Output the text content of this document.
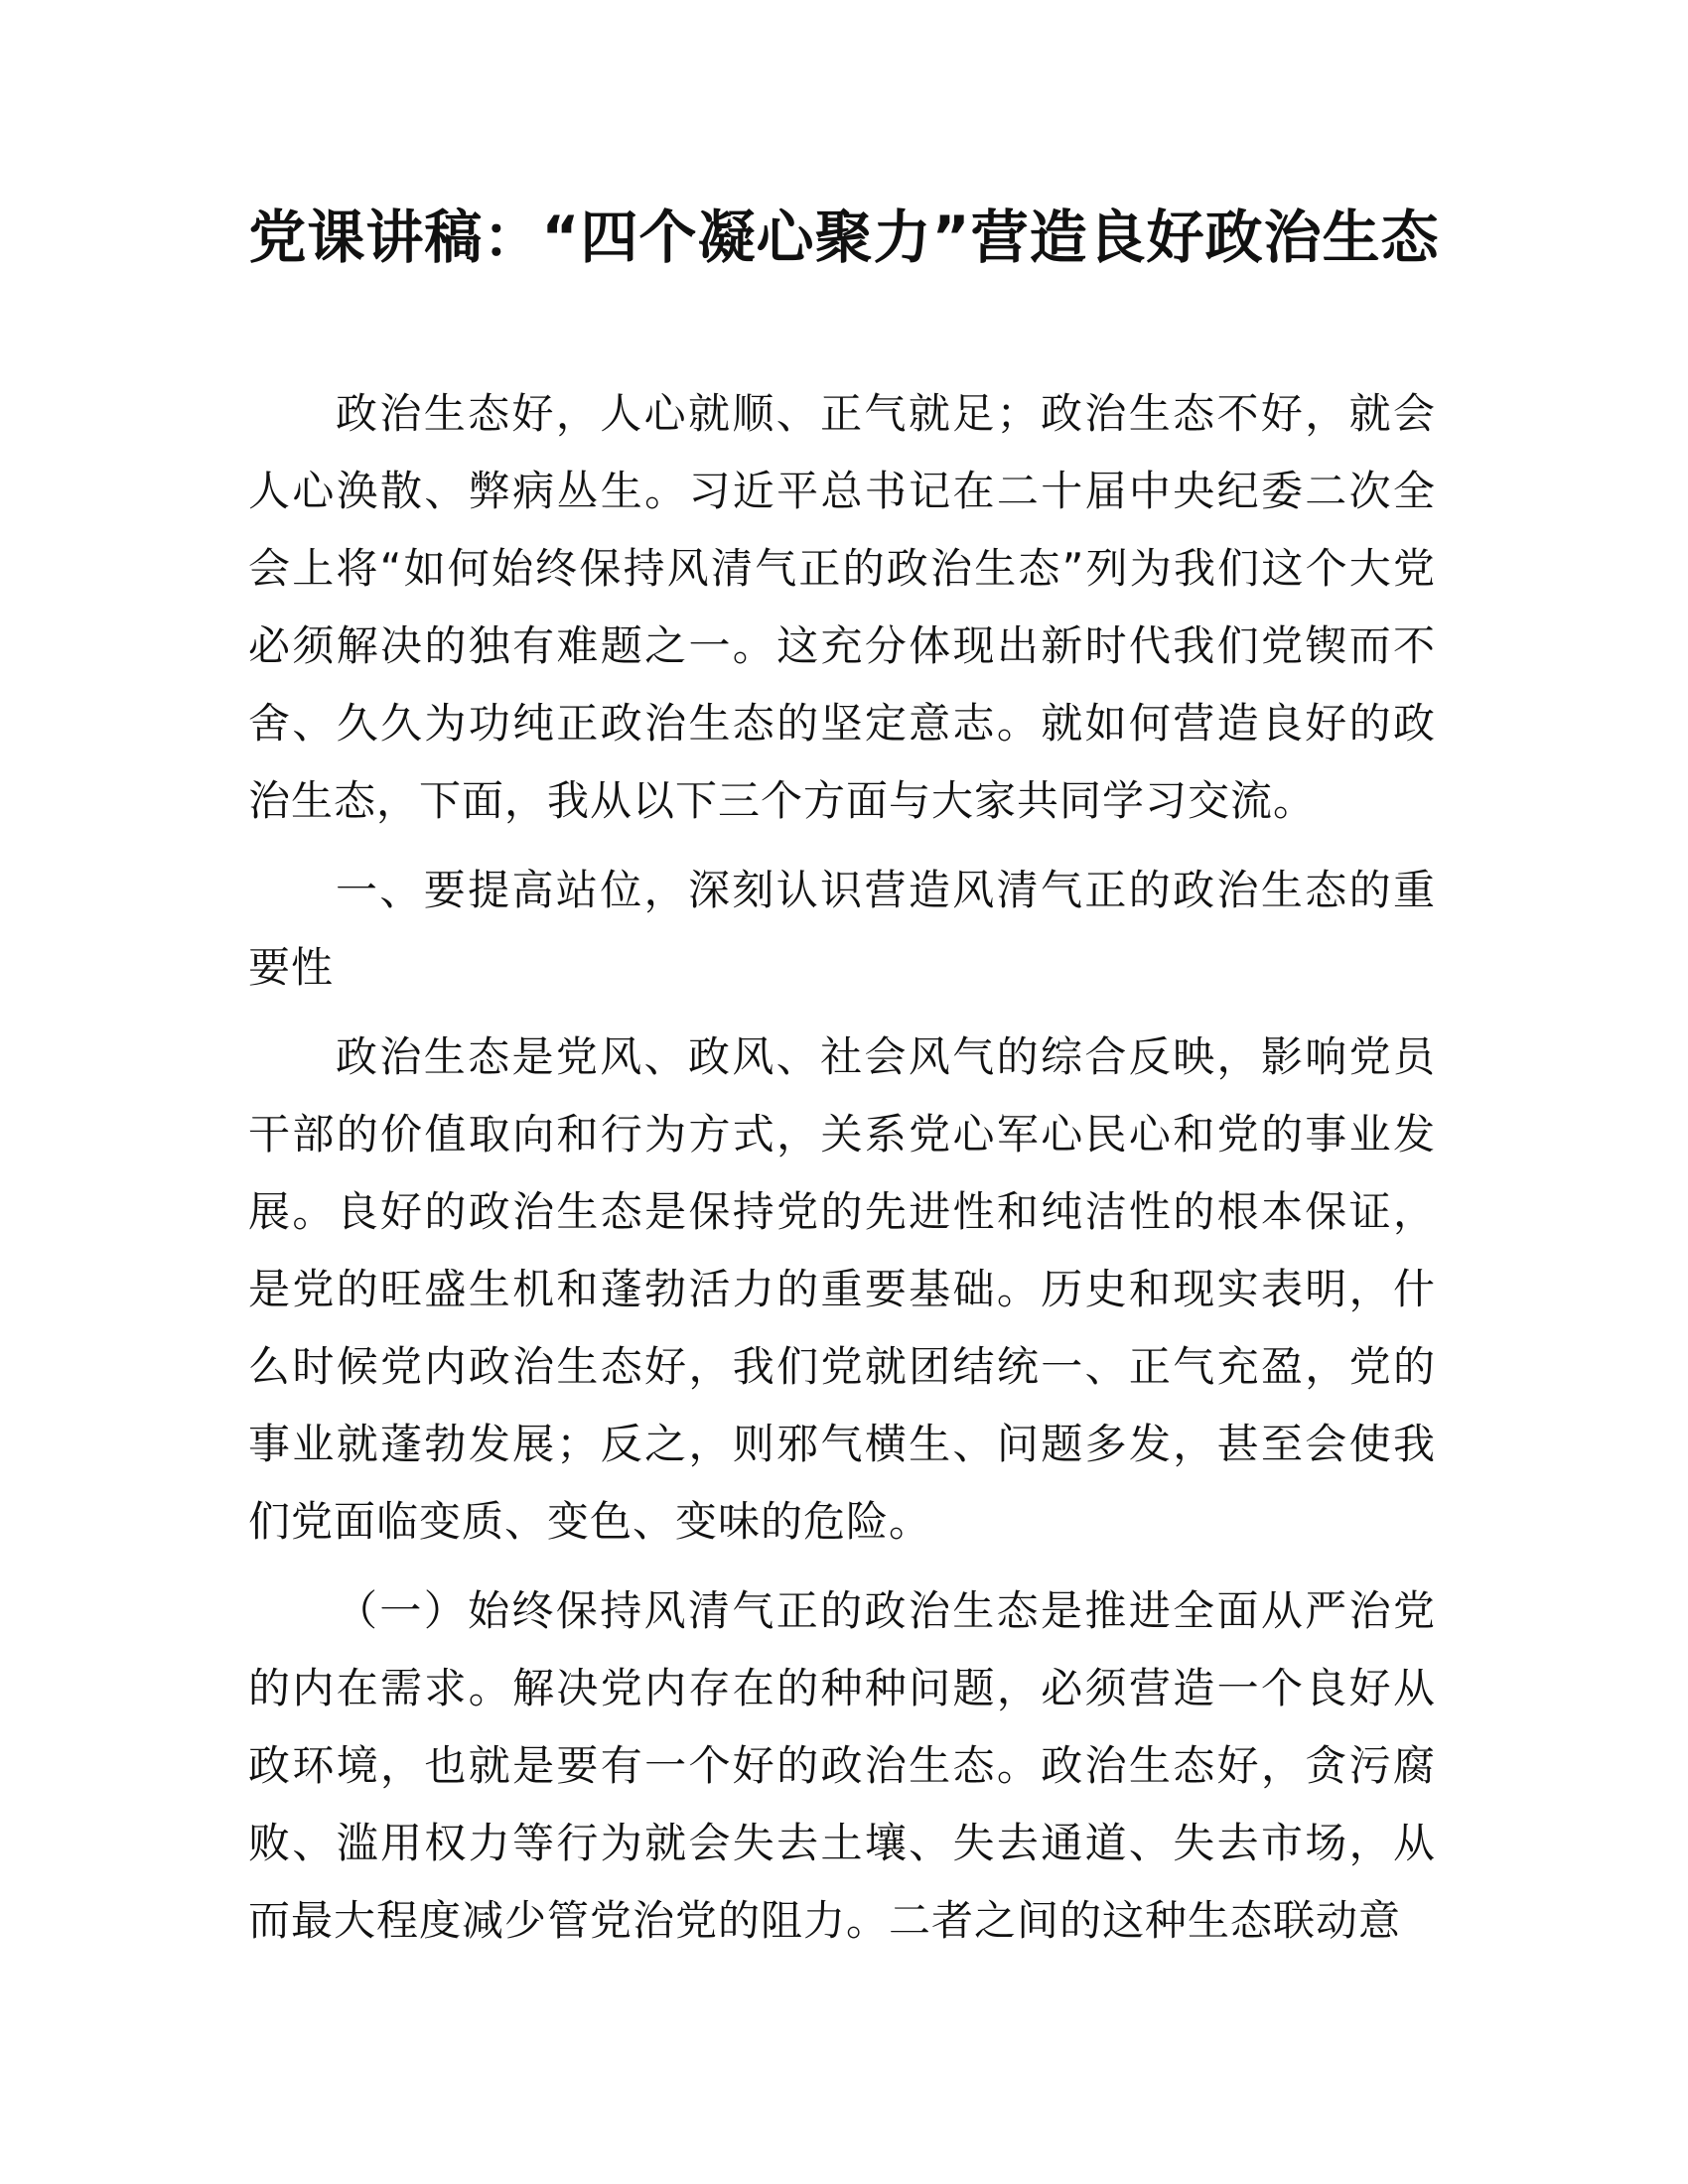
党课讲稿：“四个凝心聚力”营造良好政治生态

政治生态好，人心就顺、正气就足；政治生态不好，就会人心涣散、弊病丛生。习近平总书记在二十届中央纪委二次全会上将“如何始终保持风清气正的政治生态”列为我们这个大党必须解决的独有难题之一。这充分体现出新时代我们党锲而不舍、久久为功纯正政治生态的坚定意志。就如何营造良好的政治生态，下面，我从以下三个方面与大家共同学习交流。

一、要提高站位，深刻认识营造风清气正的政治生态的重要性

政治生态是党风、政风、社会风气的综合反映，影响党员干部的价值取向和行为方式，关系党心军心民心和党的事业发展。良好的政治生态是保持党的先进性和纯洁性的根本保证，是党的旺盛生机和蓬勃活力的重要基础。历史和现实表明，什么时候党内政治生态好，我们党就团结统一、正气充盈，党的事业就蓬勃发展；反之，则邪气横生、问题多发，甚至会使我们党面临变质、变色、变味的危险。

（一）始终保持风清气正的政治生态是推进全面从严治党的内在需求。解决党内存在的种种问题，必须营造一个良好从政环境，也就是要有一个好的政治生态。政治生态好，贪污腐败、滥用权力等行为就会失去土壤、失去通道、失去市场，从而最大程度减少管党治党的阻力。二者之间的这种生态联动意
